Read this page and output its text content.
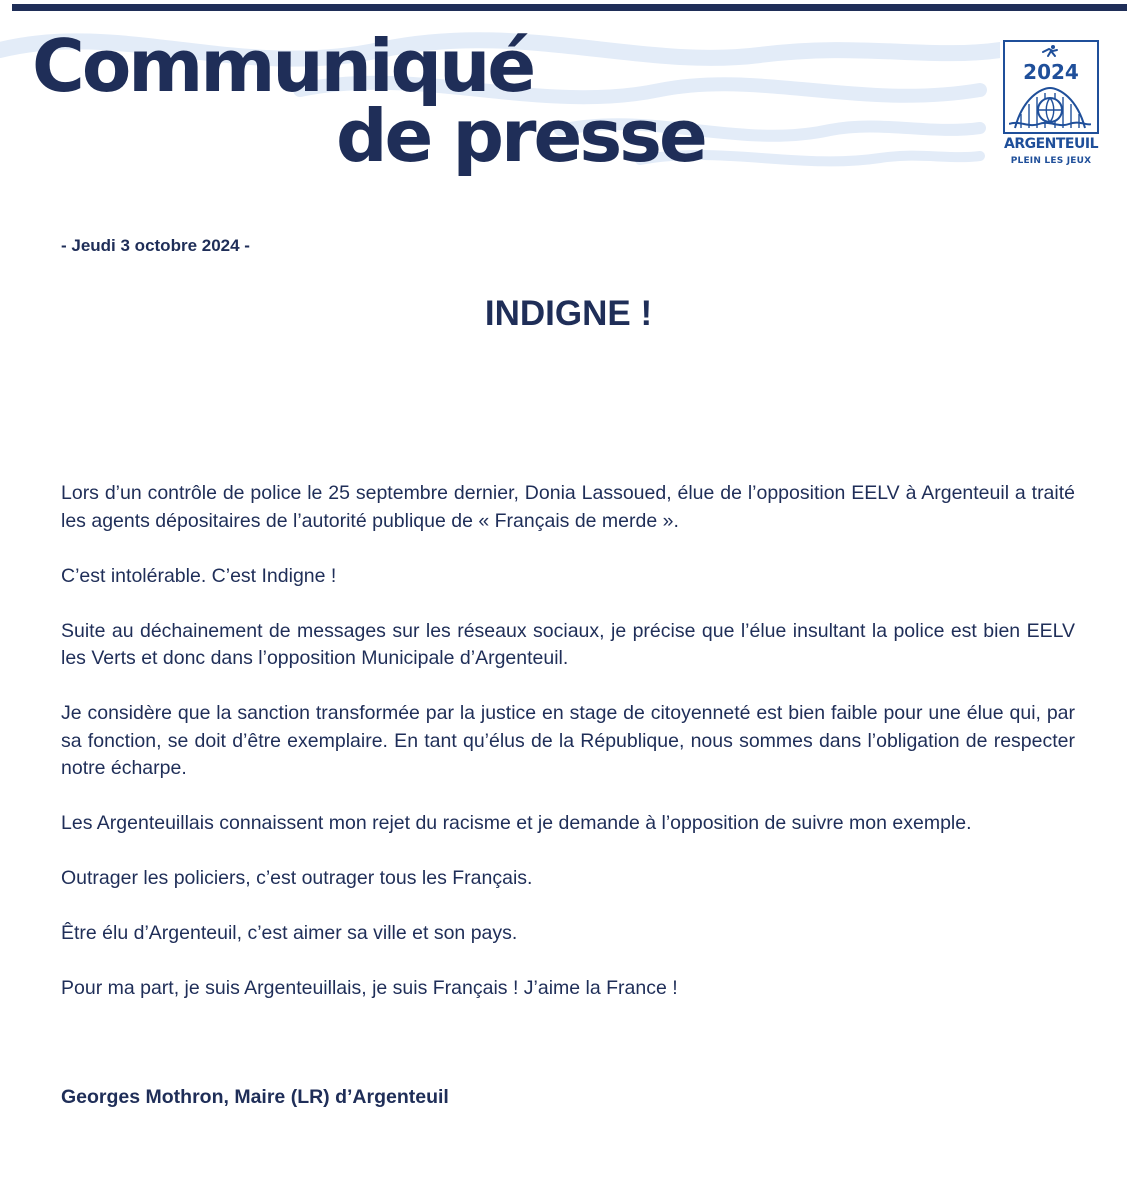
Communiqué
de presse
2024
ARGENTEUIL
PLEIN LES JEUX
- Jeudi 3 octobre 2024 -
INDIGNE !

Lors d’un contrôle de police le 25 septembre dernier, Donia Lassoued, élue de l’opposition EELV à Argenteuil a traité les agents dépositaires de l’autorité publique de « Français de merde ».

C’est intolérable. C’est Indigne !

Suite au déchainement de messages sur les réseaux sociaux, je précise que l’élue insultant la police est bien EELV les Verts et donc dans l’opposition Municipale d’Argenteuil.

Je considère que la sanction transformée par la justice en stage de citoyenneté est bien faible pour une élue qui, par sa fonction, se doit d’être exemplaire. En tant qu’élus de la République, nous sommes dans l’obligation de respecter notre écharpe.

Les Argenteuillais connaissent mon rejet du racisme et je demande à l’opposition de suivre mon exemple.

Outrager les policiers, c’est outrager tous les Français.

Être élu d’Argenteuil, c’est aimer sa ville et son pays.

Pour ma part, je suis Argenteuillais, je suis Français ! J’aime la France !

Georges Mothron, Maire (LR) d’Argenteuil
